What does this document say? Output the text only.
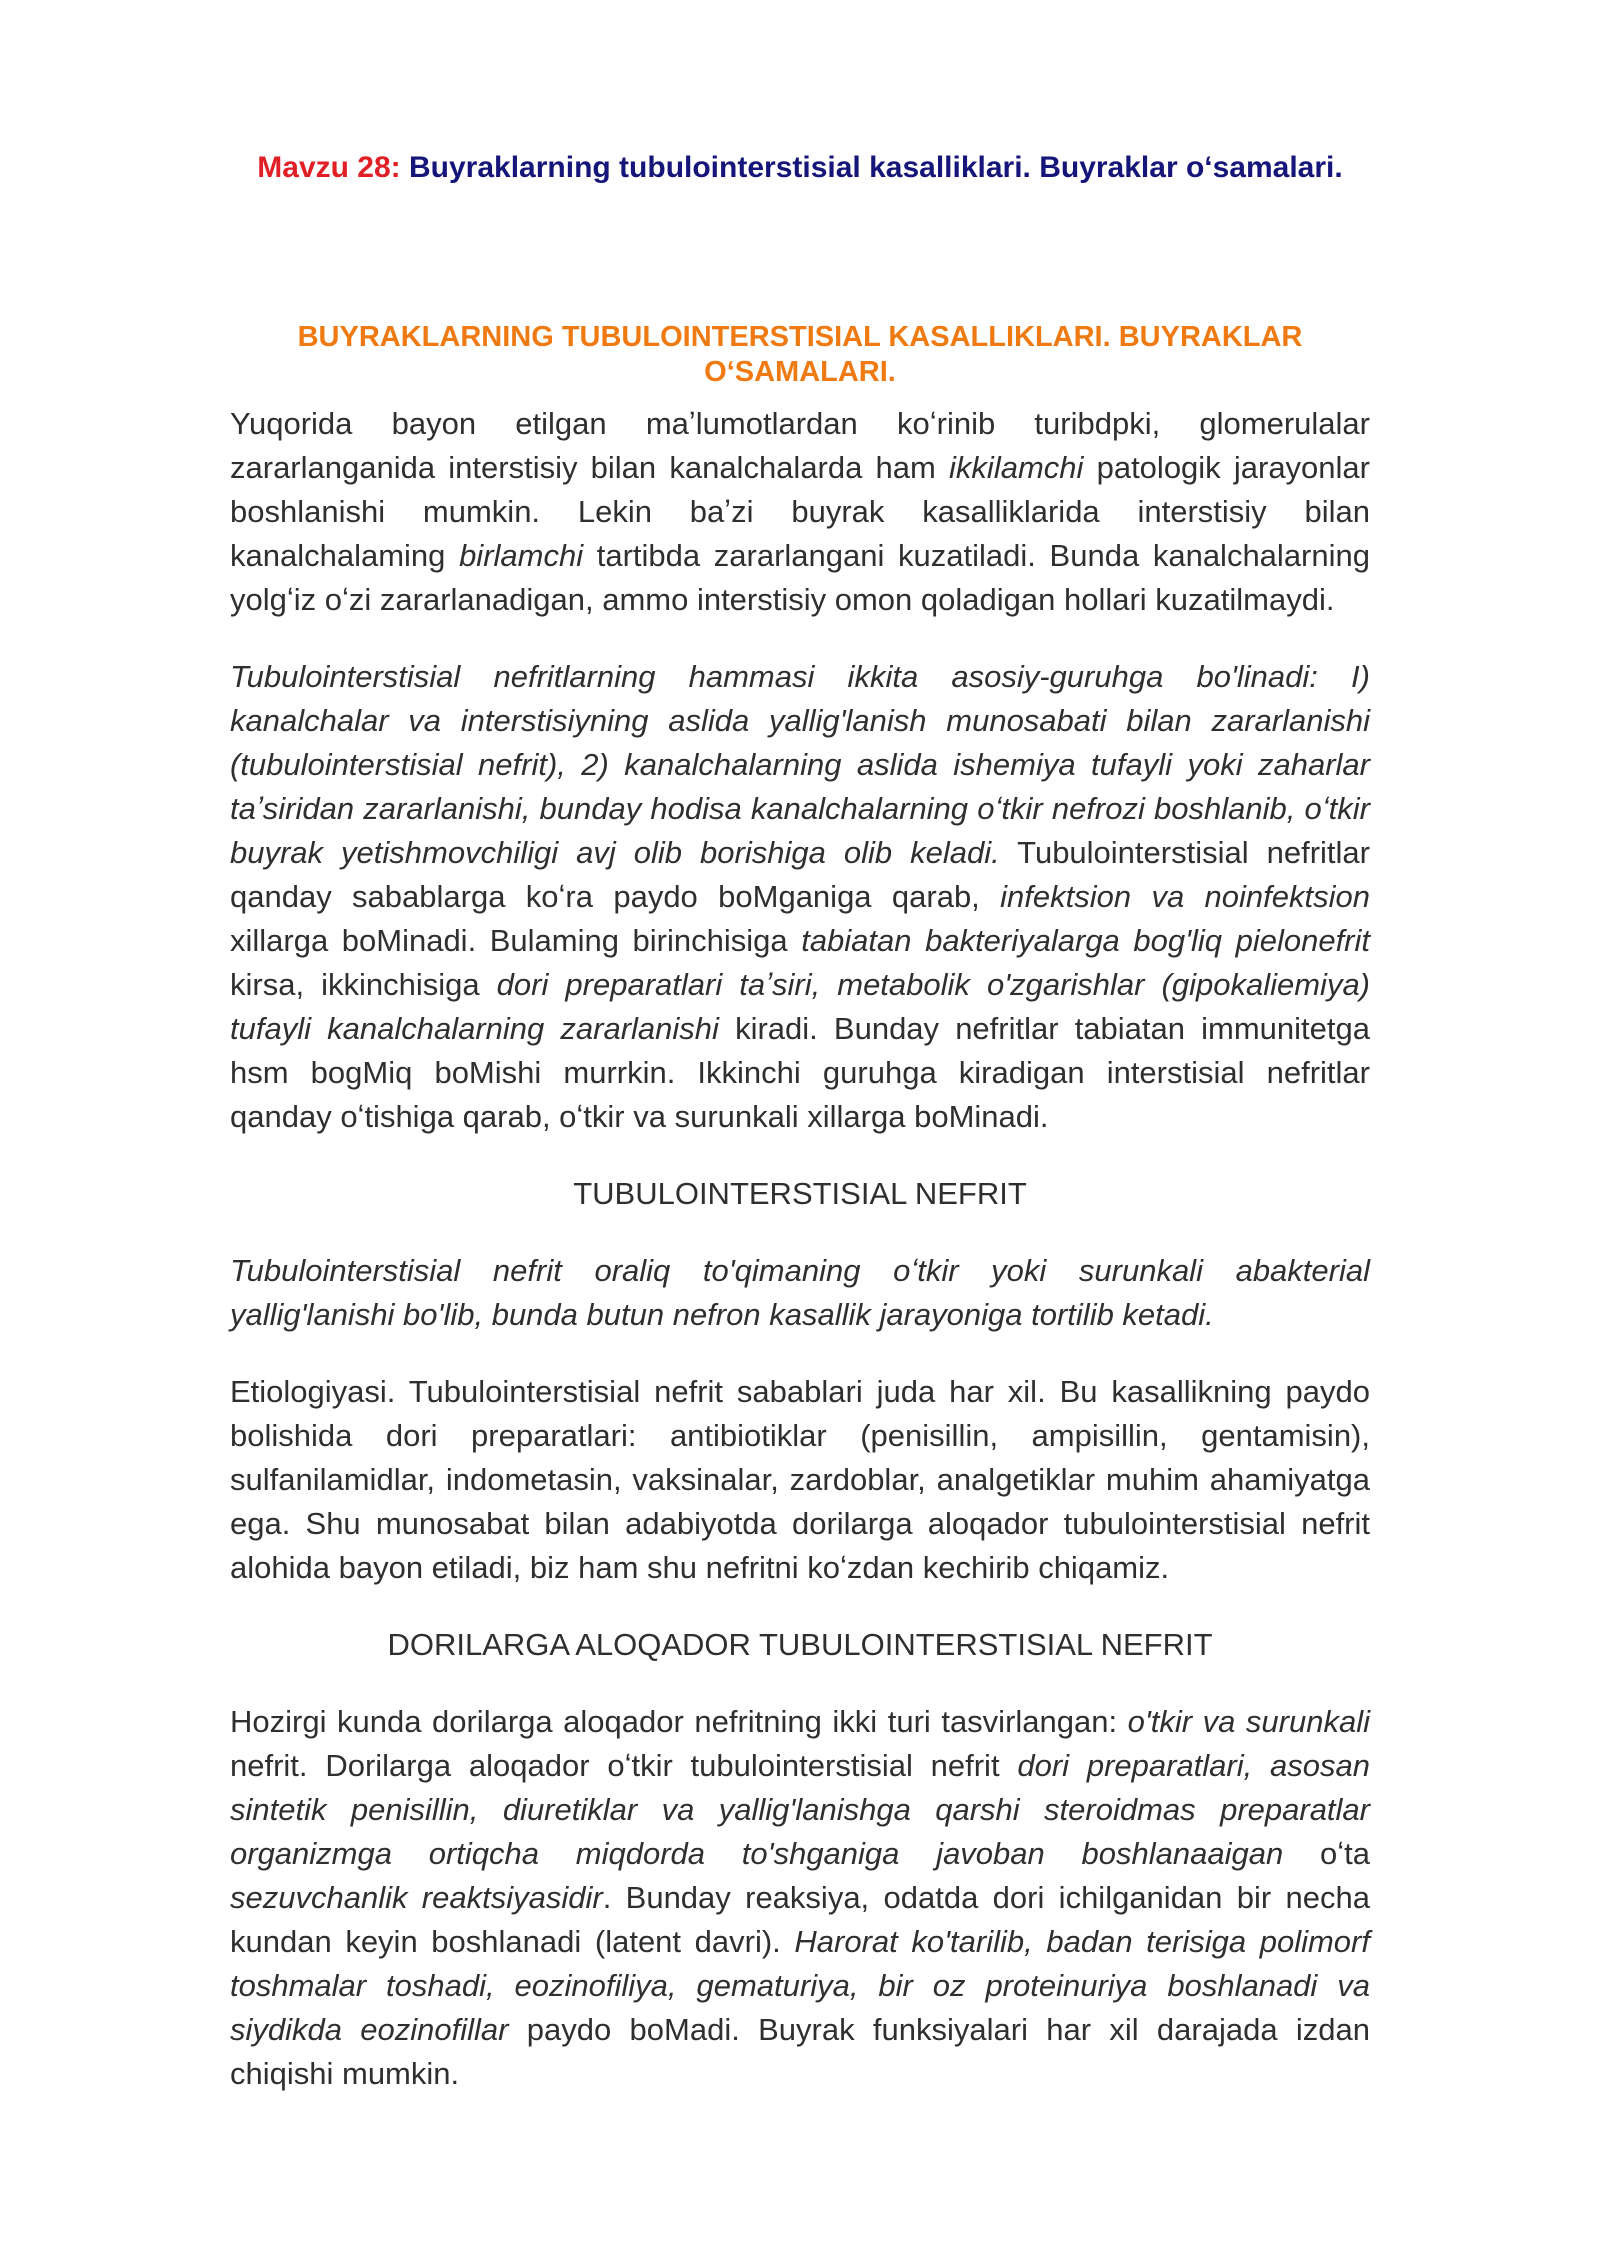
Mavzu 28: Buyraklarning tubulointerstisial kasalliklari. Buyraklar oʻsamalari.
BUYRAKLARNING TUBULOINTERSTISIAL KASALLIKLARI. BUYRAKLAR OʻSAMALARI.

Yuqorida bayon etilgan maʼlumotlardan koʻrinib turibdpki, glomerulalar zararlanganida interstisiy bilan kanalchalarda ham ikkilamchi patologik jarayonlar boshlanishi mumkin. Lekin baʼzi buyrak kasalliklarida interstisiy bilan kanalchalaming birlamchi tartibda zararlangani kuzatiladi. Bunda kanalchalarning yolgʻiz oʻzi zararlanadigan, ammo interstisiy omon qoladigan hollari kuzatilmaydi.

Tubulointerstisial nefritlarning hammasi ikkita asosiy-guruhga bo'linadi: I) kanalchalar va interstisiyning aslida yallig'lanish munosabati bilan zararlanishi (tubulointerstisial nefrit), 2) kanalchalarning aslida ishemiya tufayli yoki zaharlar taʼsiridan zararlanishi, bunday hodisa kanalchalarning oʻtkir nefrozi boshlanib, oʻtkir buyrak yetishmovchiligi avj olib borishiga olib keladi. Tubulointerstisial nefritlar qanday sabablarga koʻra paydo boMganiga qarab, infektsion va noinfektsion xillarga boMinadi. Bulaming birinchisiga tabiatan bakteriyalarga bog'liq pielonefrit kirsa, ikkinchisiga dori preparatlari taʼsiri, metabolik o'zgarishlar (gipokaliemiya) tufayli kanalchalarning zararlanishi kiradi. Bunday nefritlar tabiatan immunitetga hsm bogMiq boMishi murrkin. Ikkinchi guruhga kiradigan interstisial nefritlar qanday oʻtishiga qarab, oʻtkir va surunkali xillarga boMinadi.

TUBULOINTERSTISIAL NEFRIT

Tubulointerstisial nefrit oraliq to'qimaning oʻtkir yoki surunkali abakterial yallig'lanishi bo'lib, bunda butun nefron kasallik jarayoniga tortilib ketadi.

Etiologiyasi. Tubulointerstisial nefrit sabablari juda har xil. Bu kasallikning paydo bolishida dori preparatlari: antibiotiklar (penisillin, ampisillin, gentamisin), sulfanilamidlar, indometasin, vaksinalar, zardoblar, analgetiklar muhim ahamiyatga ega. Shu munosabat bilan adabiyotda dorilarga aloqador tubulointerstisial nefrit alohida bayon etiladi, biz ham shu nefritni koʻzdan kechirib chiqamiz.

DORILARGA ALOQADOR TUBULOINTERSTISIAL NEFRIT

Hozirgi kunda dorilarga aloqador nefritning ikki turi tasvirlangan: o'tkir va surunkali nefrit. Dorilarga aloqador oʻtkir tubulointerstisial nefrit dori preparatlari, asosan sintetik penisillin, diuretiklar va yallig'lanishga qarshi steroidmas preparatlar organizmga ortiqcha miqdorda to'shganiga javoban boshlanaaigan oʻta sezuvchanlik reaktsiyasidir. Bunday reaksiya, odatda dori ichilganidan bir necha kundan keyin boshlanadi (latent davri). Harorat ko'tarilib, badan terisiga polimorf toshmalar toshadi, eozinofiliya, gematuriya, bir oz proteinuriya boshlanadi va siydikda eozinofillar paydo boMadi. Buyrak funksiyalari har xil darajada izdan chiqishi mumkin.
